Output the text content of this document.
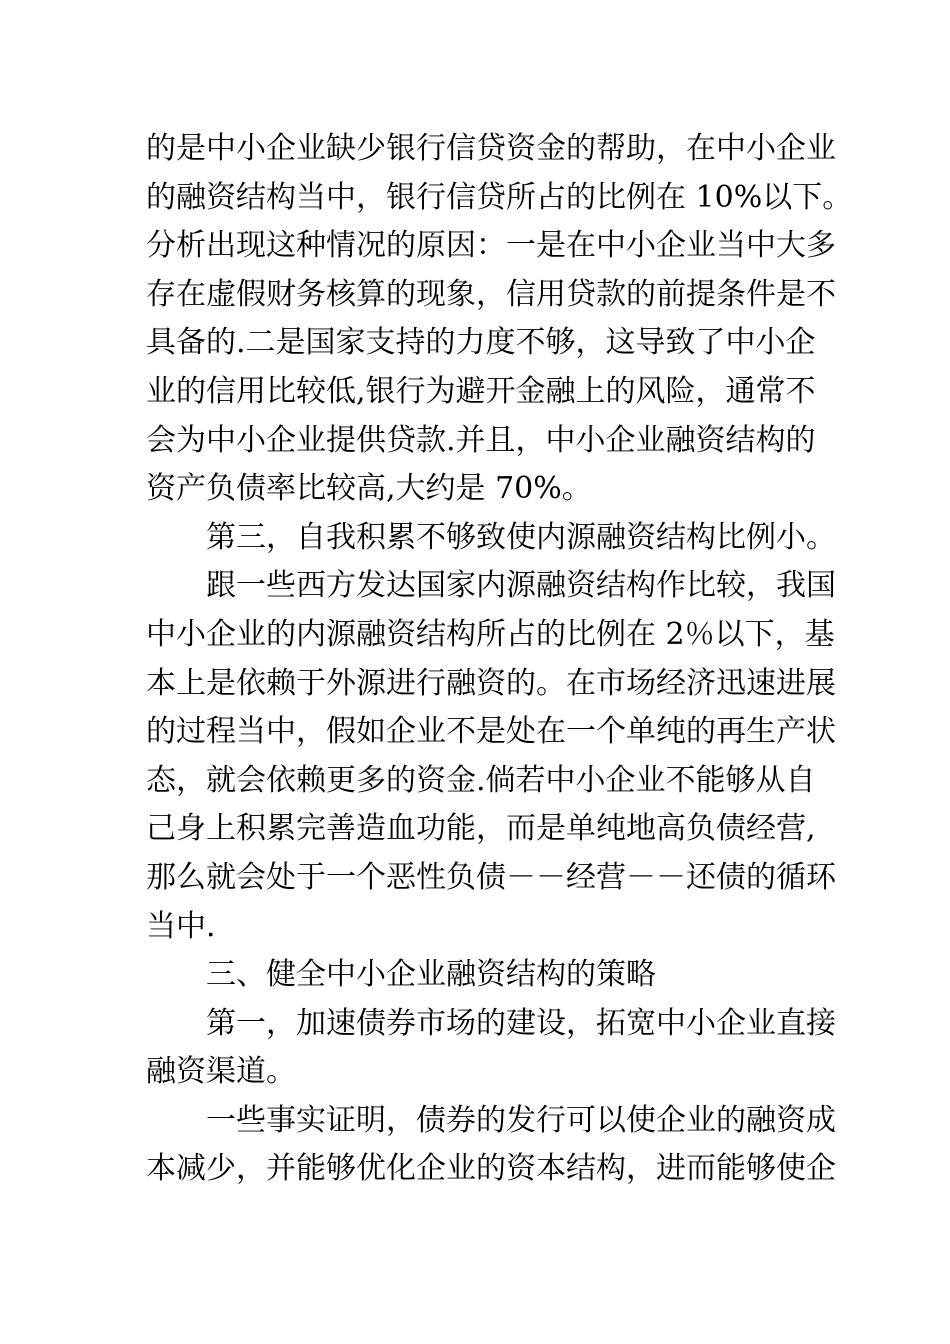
的是中小企业缺少银行信贷资金的帮助，在中小企业
的融资结构当中，银行信贷所占的比例在 10%以下。
分析出现这种情况的原因：一是在中小企业当中大多
存在虚假财务核算的现象，信用贷款的前提条件是不
具备的.二是国家支持的力度不够，这导致了中小企
业的信用比较低,银行为避开金融上的风险，通常不
会为中小企业提供贷款.并且，中小企业融资结构的
资产负债率比较高,大约是 70%。
第三，自我积累不够致使内源融资结构比例小。
跟一些西方发达国家内源融资结构作比较，我国
中小企业的内源融资结构所占的比例在 2％以下，基
本上是依赖于外源进行融资的。在市场经济迅速进展
的过程当中，假如企业不是处在一个单纯的再生产状
态，就会依赖更多的资金.倘若中小企业不能够从自
己身上积累完善造血功能，而是单纯地高负债经营,
那么就会处于一个恶性负债－－经营－－还债的循环
当中.
三、健全中小企业融资结构的策略
第一，加速债券市场的建设，拓宽中小企业直接
融资渠道。
一些事实证明，债券的发行可以使企业的融资成
本减少，并能够优化企业的资本结构，进而能够使企
